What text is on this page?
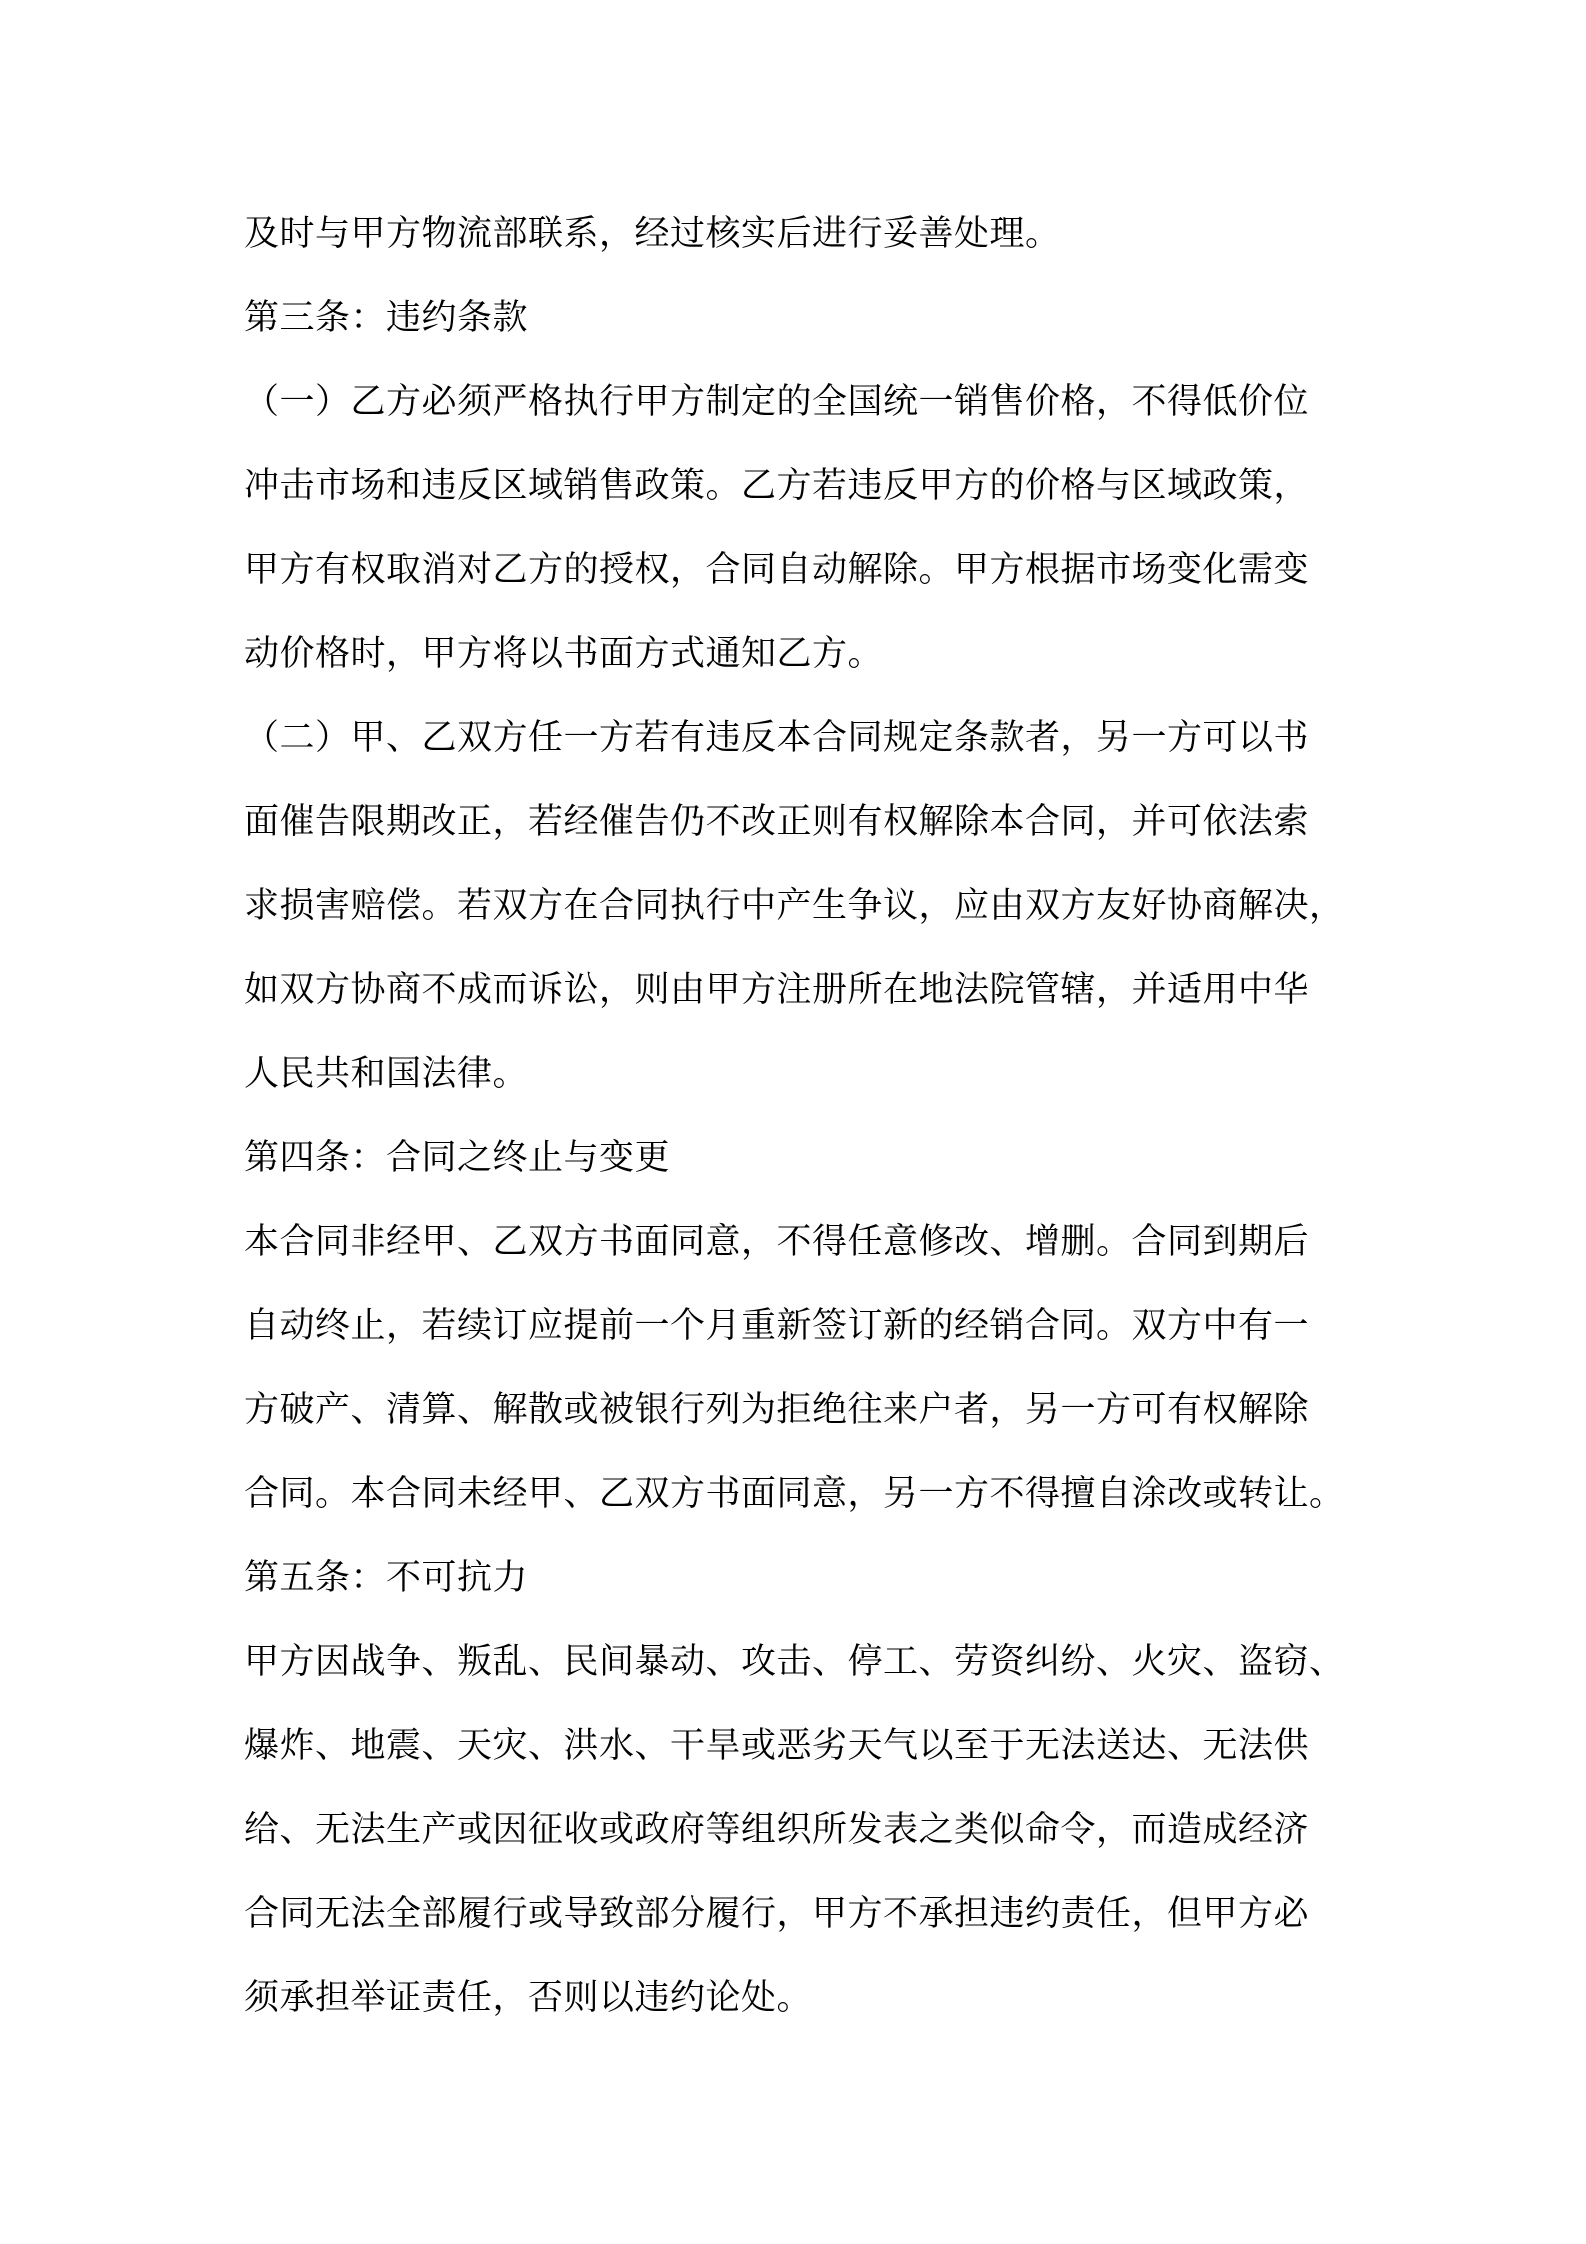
及时与甲方物流部联系，经过核实后进行妥善处理。
第三条：违约条款
（一）乙方必须严格执行甲方制定的全国统一销售价格，不得低价位
冲击市场和违反区域销售政策。乙方若违反甲方的价格与区域政策，
甲方有权取消对乙方的授权，合同自动解除。甲方根据市场变化需变
动价格时，甲方将以书面方式通知乙方。
（二）甲、乙双方任一方若有违反本合同规定条款者，另一方可以书
面催告限期改正，若经催告仍不改正则有权解除本合同，并可依法索
求损害赔偿。若双方在合同执行中产生争议，应由双方友好协商解决，
如双方协商不成而诉讼，则由甲方注册所在地法院管辖，并适用中华
人民共和国法律。
第四条：合同之终止与变更
本合同非经甲、乙双方书面同意，不得任意修改、增删。合同到期后
自动终止，若续订应提前一个月重新签订新的经销合同。双方中有一
方破产、清算、解散或被银行列为拒绝往来户者，另一方可有权解除
合同。本合同未经甲、乙双方书面同意，另一方不得擅自涂改或转让。
第五条：不可抗力
甲方因战争、叛乱、民间暴动、攻击、停工、劳资纠纷、火灾、盗窃、
爆炸、地震、天灾、洪水、干旱或恶劣天气以至于无法送达、无法供
给、无法生产或因征收或政府等组织所发表之类似命令，而造成经济
合同无法全部履行或导致部分履行，甲方不承担违约责任，但甲方必
须承担举证责任，否则以违约论处。
